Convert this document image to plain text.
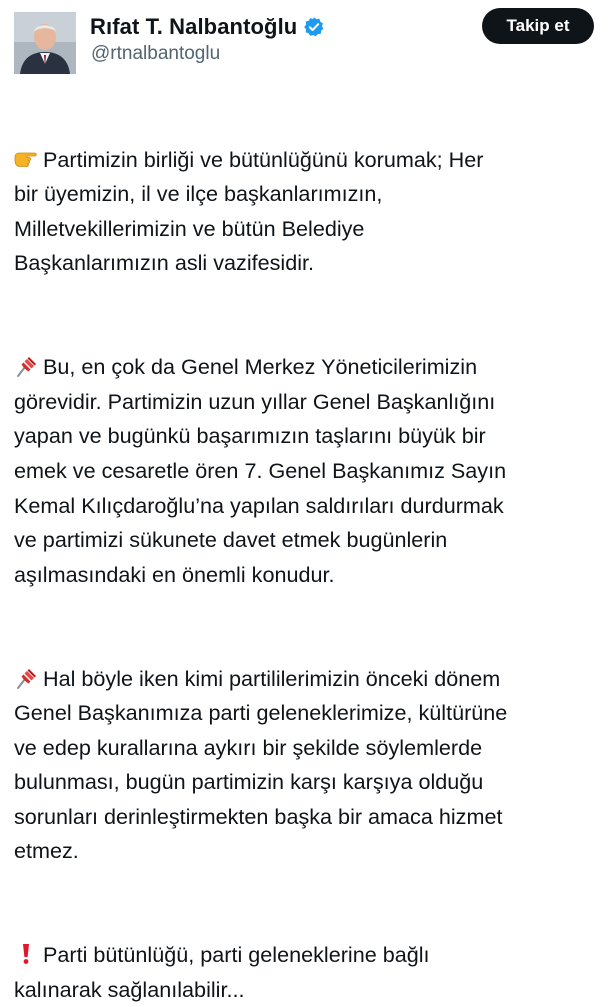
Rıfat T. Nalbantoğlu
@rtnalbantoglu
Takip et

Partimizin birliği ve bütünlüğünü korumak; Her
bir üyemizin, il ve ilçe başkanlarımızın,
Milletvekillerimizin ve bütün Belediye
Başkanlarımızın asli vazifesidir.

Bu, en çok da Genel Merkez Yöneticilerimizin
görevidir. Partimizin uzun yıllar Genel Başkanlığını
yapan ve bugünkü başarımızın taşlarını büyük bir
emek ve cesaretle ören 7. Genel Başkanımız Sayın
Kemal Kılıçdaroğlu’na yapılan saldırıları durdurmak
ve partimizi sükunete davet etmek bugünlerin
aşılmasındaki en önemli konudur.

Hal böyle iken kimi partililerimizin önceki dönem
Genel Başkanımıza parti geleneklerimize, kültürüne
ve edep kurallarına aykırı bir şekilde söylemlerde
bulunması, bugün partimizin karşı karşıya olduğu
sorunları derinleştirmekten başka bir amaca hizmet
etmez.

Parti bütünlüğü, parti geleneklerine bağlı
kalınarak sağlanılabilir...
